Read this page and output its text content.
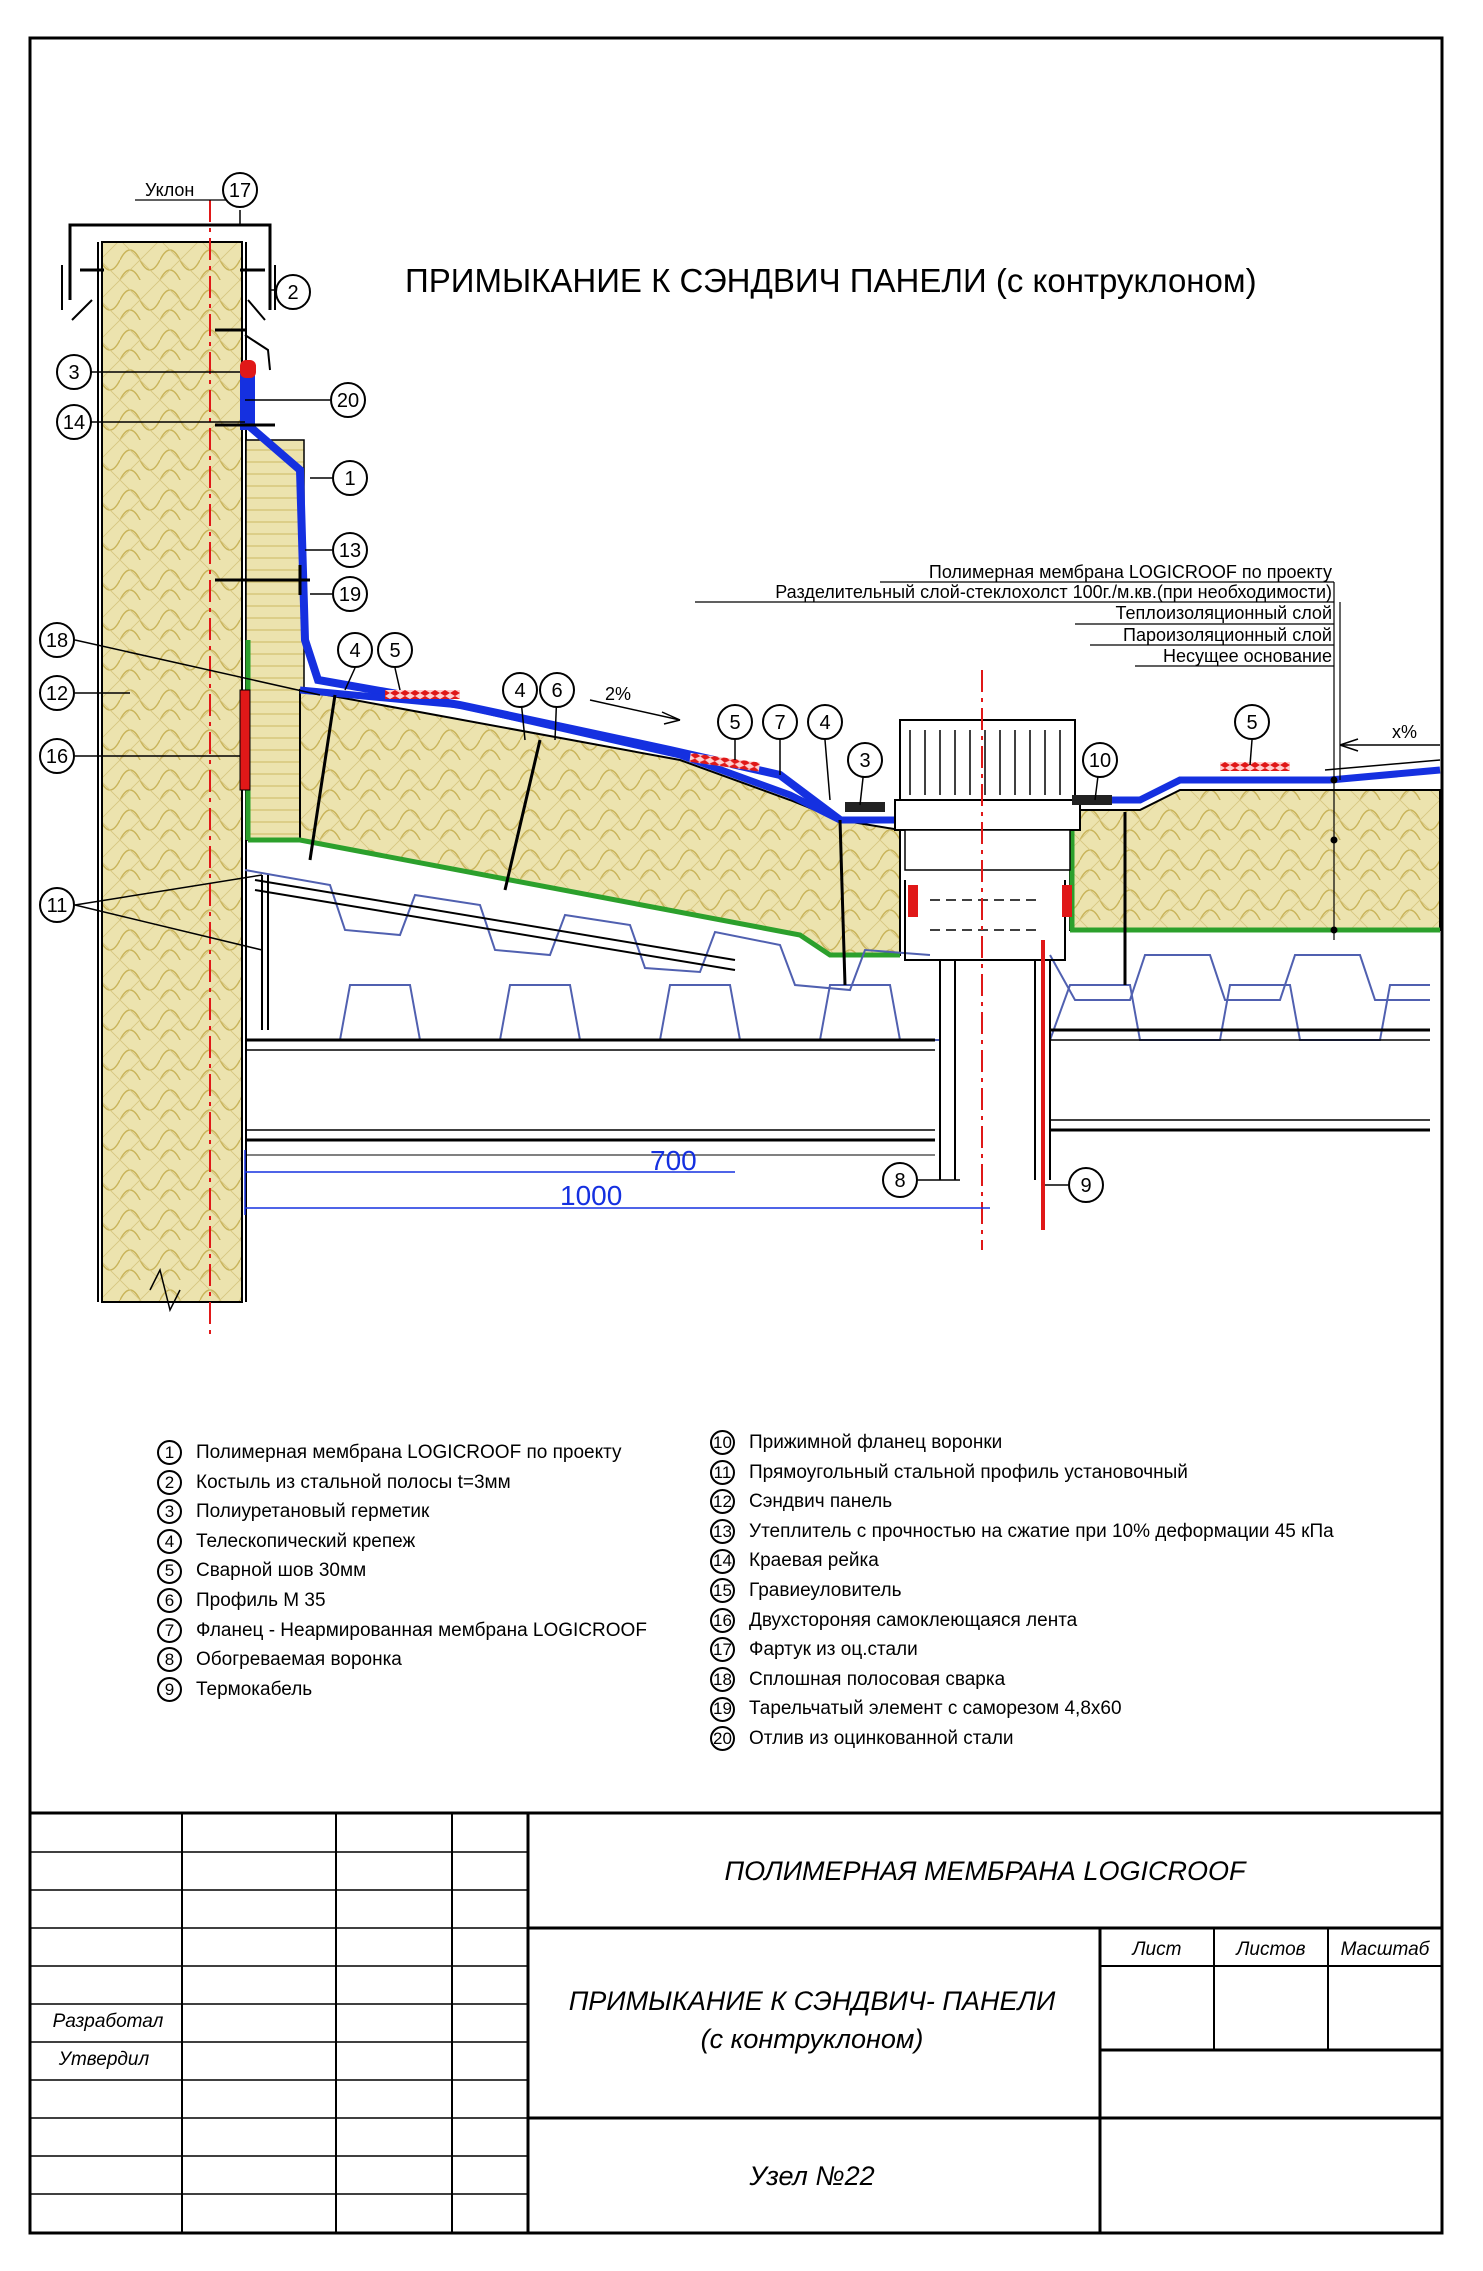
700
1000
2%
x%
Уклон
Полимерная мембрана LOGICROOF по проекту
Разделительный слой-стеклохолст 100г./м.кв.(при необходимости)
Теплоизоляционный слой
Пароизоляционный слой
Несущее основание
17
2
3
20
14
1
13
19
18
12
16
11
4 5
4 6
5 7 4
3	10
5
8	9
ПРИМЫКАНИЕ К СЭНДВИЧ ПАНЕЛИ (с контруклоном)
ПОЛИМЕРНАЯ МЕМБРАНА LOGICROOF
ПРИМЫКАНИЕ К СЭНДВИЧ- ПАНЕЛИ
(с контруклоном)
Узел №22
Лист	Листов Масштаб
Разработал
Утвердил
1	Полимерная мембрана LOGICROOF по проекту
2	Костыль из стальной полосы t=3мм
3	Полиуретановый герметик
4	Телескопический крепеж
5	Сварной шов 30мм
6	Профиль М 35
7	Фланец - Неармированная мембрана LOGICROOF
8	Обогреваемая воронка
9	Термокабель
10 Прижимной фланец воронки
11 Прямоугольный стальной профиль установочный
12 Сэндвич панель
13 Утеплитель с прочностью на сжатие при 10% деформации 45 кПа
14 Краевая рейка
15 Гравиеуловитель
16 Двухстороняя самоклеющаяся лента
17 Фартук из оц.стали
18 Сплошная полосовая сварка
19 Тарельчатый элемент с саморезом 4,8х60
20 Отлив из оцинкованной стали
